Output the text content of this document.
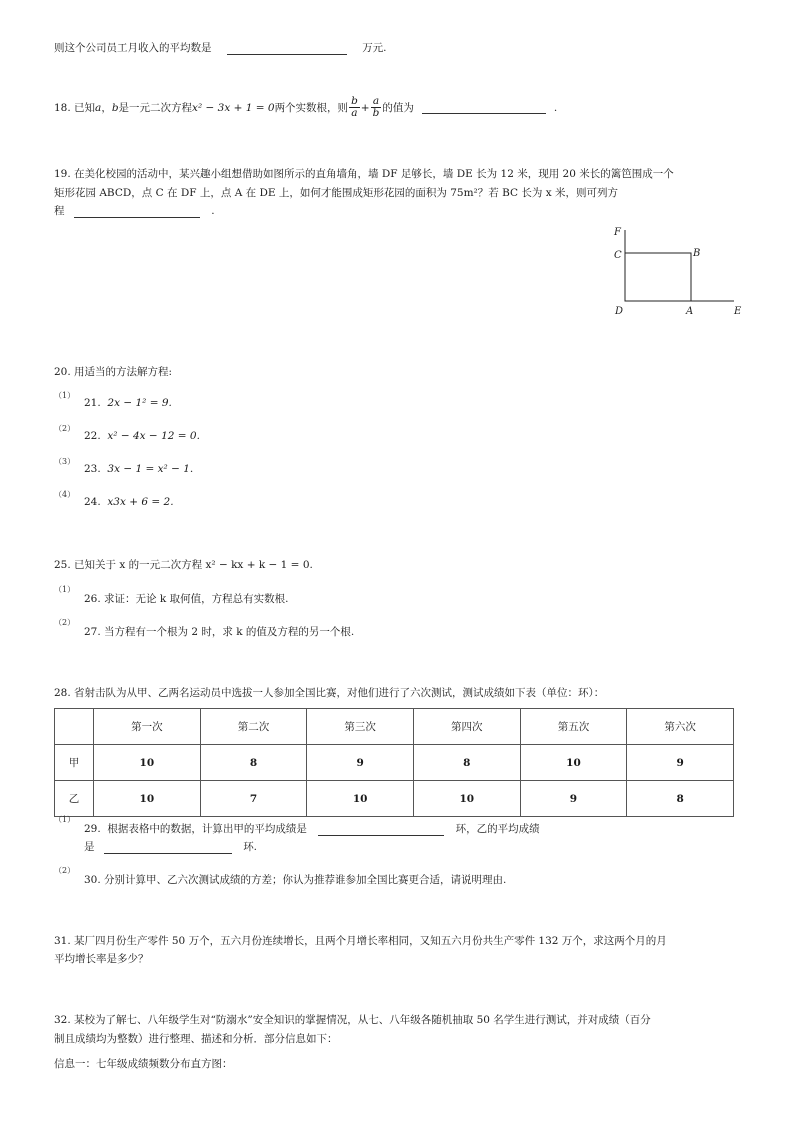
则这个公司员工月收入的平均数是	万元.
18.
已知 a ， b 是一元二次方程 x² − 3x + 1 = 0 两个实数根，则 $\frac{b}{a} + \frac{a}{b}$ 的值为	.
19. 在美化校园的活动中，某兴趣小组想借助如图所示的直角墙角，墙 DF 足够长，墙 DE 长为 12 米，现用 20 米长的篱笆围成一个
矩形花园 ABCD，点 C 在 DF 上，点 A 在 DE 上，如何才能围成矩形花园的面积为 75m²？若 BC 长为 x 米，则可列方
程	.
F
C	B
D	A	E
20. 用适当的方法解方程:
（1）
21. 2x − 1² = 9.
（2）
22. x² − 4x − 12 = 0.
（3）
23. 3x − 1 = x² − 1.
（4）
24. x3x + 6 = 2.
25. 已知关于 x 的一元二次方程 x² − kx + k − 1 = 0.
（1）
26. 求证：无论 k 取何值，方程总有实数根.
（2）
27. 当方程有一个根为 2 时，求 k 的值及方程的另一个根.
28. 省射击队为从甲、乙两名运动员中选拔一人参加全国比赛，对他们进行了六次测试，测试成绩如下表（单位：环）：
	第一次	第二次	第三次	第四次	第五次	第六次
甲	10	8	9	8	10	9
乙	10	7	10	10	9	8
（1）
29. 根据表格中的数据，计算出甲的平均成绩是	环，乙的平均成绩
是	环.
（2）
30. 分别计算甲、乙六次测试成绩的方差；你认为推荐谁参加全国比赛更合适，请说明理由.
31. 某厂四月份生产零件 50 万个，五六月份连续增长，且两个月增长率相同，又知五六月份共生产零件 132 万个，求这两个月的月
平均增长率是多少？
32. 某校为了解七、八年级学生对“防溺水”安全知识的掌握情况，从七、八年级各随机抽取 50 名学生进行测试，并对成绩（百分
制且成绩均为整数）进行整理、描述和分析．部分信息如下：
信息一：七年级成绩频数分布直方图：
